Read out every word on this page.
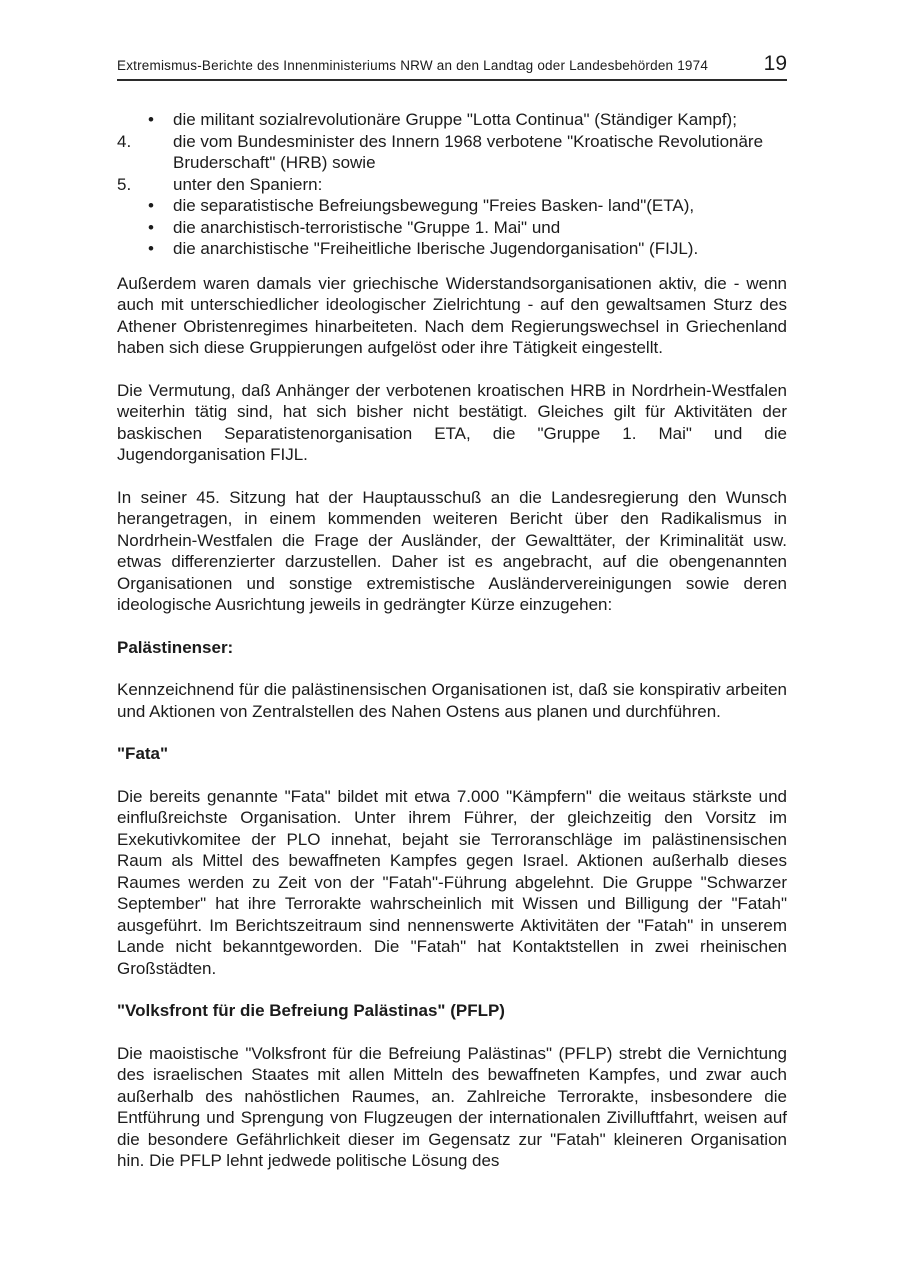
Extremismus-Berichte des Innenministeriums NRW an den Landtag oder Landesbehörden 1974	19
•	die militant sozialrevolutionäre Gruppe "Lotta Continua" (Ständiger Kampf);
4.	die vom Bundesminister des Innern 1968 verbotene "Kroatische Revolutionäre Bruderschaft" (HRB) sowie
5.	unter den Spaniern:
•	die separatistische Befreiungsbewegung "Freies Basken- land"(ETA),
•	die anarchistisch-terroristische "Gruppe 1. Mai" und
•	die anarchistische "Freiheitliche Iberische Jugendorganisation" (FIJL).

Außerdem waren damals vier griechische Widerstandsorganisationen aktiv, die - wenn auch mit unterschiedlicher ideologischer Zielrichtung - auf den gewaltsamen Sturz des Athener Obristenregimes hinarbeiteten. Nach dem Regierungswechsel in Griechenland haben sich diese Gruppierungen aufgelöst oder ihre Tätigkeit eingestellt.

Die Vermutung, daß Anhänger der verbotenen kroatischen HRB in Nordrhein-Westfalen weiterhin tätig sind, hat sich bisher nicht bestätigt. Gleiches gilt für Aktivitäten der baskischen Separatistenorganisation ETA, die "Gruppe 1. Mai" und die Jugendorganisation FIJL.

In seiner 45. Sitzung hat der Hauptausschuß an die Landesregierung den Wunsch herangetragen, in einem kommenden weiteren Bericht über den Radikalismus in Nordrhein-Westfalen die Frage der Ausländer, der Gewalttäter, der Kriminalität usw. etwas differenzierter darzustellen. Daher ist es angebracht, auf die obengenannten Organisationen und sonstige extremistische Ausländervereinigungen sowie deren ideologische Ausrichtung jeweils in gedrängter Kürze einzugehen:

Palästinenser:

Kennzeichnend für die palästinensischen Organisationen ist, daß sie konspirativ arbeiten und Aktionen von Zentralstellen des Nahen Ostens aus planen und durchführen.

"Fata"

Die bereits genannte "Fata" bildet mit etwa 7.000 "Kämpfern" die weitaus stärkste und einflußreichste Organisation. Unter ihrem Führer, der gleichzeitig den Vorsitz im Exekutivkomitee der PLO innehat, bejaht sie Terroranschläge im palästinensischen Raum als Mittel des bewaffneten Kampfes gegen Israel. Aktionen außerhalb dieses Raumes werden zu Zeit von der "Fatah"-Führung abgelehnt. Die Gruppe "Schwarzer September" hat ihre Terrorakte wahrscheinlich mit Wissen und Billigung der "Fatah" ausgeführt. Im Berichtszeitraum sind nennenswerte Aktivitäten der "Fatah" in unserem Lande nicht bekanntgeworden. Die "Fatah" hat Kontaktstellen in zwei rheinischen Großstädten.

"Volksfront für die Befreiung Palästinas" (PFLP)

Die maoistische "Volksfront für die Befreiung Palästinas" (PFLP) strebt die Vernichtung des israelischen Staates mit allen Mitteln des bewaffneten Kampfes, und zwar auch außerhalb des nahöstlichen Raumes, an. Zahlreiche Terrorakte, insbesondere die Entführung und Sprengung von Flugzeugen der internationalen Zivilluftfahrt, weisen auf die besondere Gefährlichkeit dieser im Gegensatz zur "Fatah" kleineren Organisation hin. Die PFLP lehnt jedwede politische Lösung des
